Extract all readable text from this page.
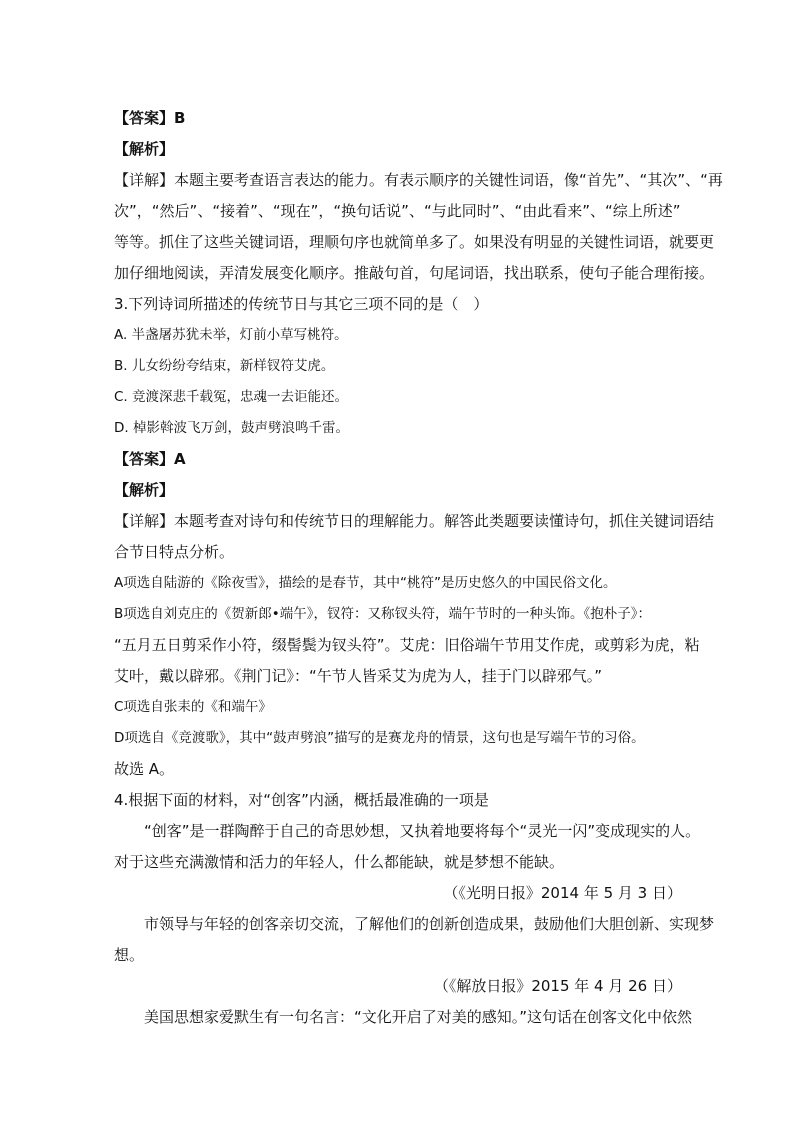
【答案】B
【解析】
【详解】本题主要考查语言表达的能力。有表示顺序的关键性词语，像“首先”、“其次”、“再
次”，“然后”、“接着”、“现在”，“换句话说”、“与此同时”、“由此看来”、“综上所述”
等等。抓住了这些关键词语，理顺句序也就简单多了。如果没有明显的关键性词语，就要更
加仔细地阅读，弄清发展变化顺序。推敲句首，句尾词语，找出联系，使句子能合理衔接。
3.下列诗词所描述的传统节日与其它三项不同的是（　）
A. 半盏屠苏犹未举，灯前小草写桃符。
B. 儿女纷纷夸结束，新样钗符艾虎。
C. 竞渡深悲千载冤，忠魂一去讵能还。
D. 棹影斡波飞万剑，鼓声劈浪鸣千雷。
【答案】A
【解析】
【详解】本题考查对诗句和传统节日的理解能力。解答此类题要读懂诗句，抓住关键词语结
合节日特点分析。
A项选自陆游的《除夜雪》，描绘的是春节，其中“桃符”是历史悠久的中国民俗文化。
B项选自刘克庄的《贺新郎•端午》，钗符：又称钗头符，端午节时的一种头饰。《抱朴子》：
“五月五日剪采作小符，缀髻鬓为钗头符”。艾虎：旧俗端午节用艾作虎，或剪彩为虎，粘
艾叶，戴以辟邪。《荆门记》：“午节人皆采艾为虎为人，挂于门以辟邪气。”
C项选自张耒的《和端午》
D项选自《竞渡歌》，其中“鼓声劈浪”描写的是赛龙舟的情景，这句也是写端午节的习俗。
故选 A。
4.根据下面的材料，对“创客”内涵，概括最准确的一项是
“创客”是一群陶醉于自己的奇思妙想，又执着地要将每个“灵光一闪”变成现实的人。
对于这些充满激情和活力的年轻人，什么都能缺，就是梦想不能缺。
（《光明日报》2014 年 5 月 3 日）
市领导与年轻的创客亲切交流，了解他们的创新创造成果，鼓励他们大胆创新、实现梦
想。
（《解放日报》2015 年 4 月 26 日）
美国思想家爱默生有一句名言：“文化开启了对美的感知。”这句话在创客文化中依然
